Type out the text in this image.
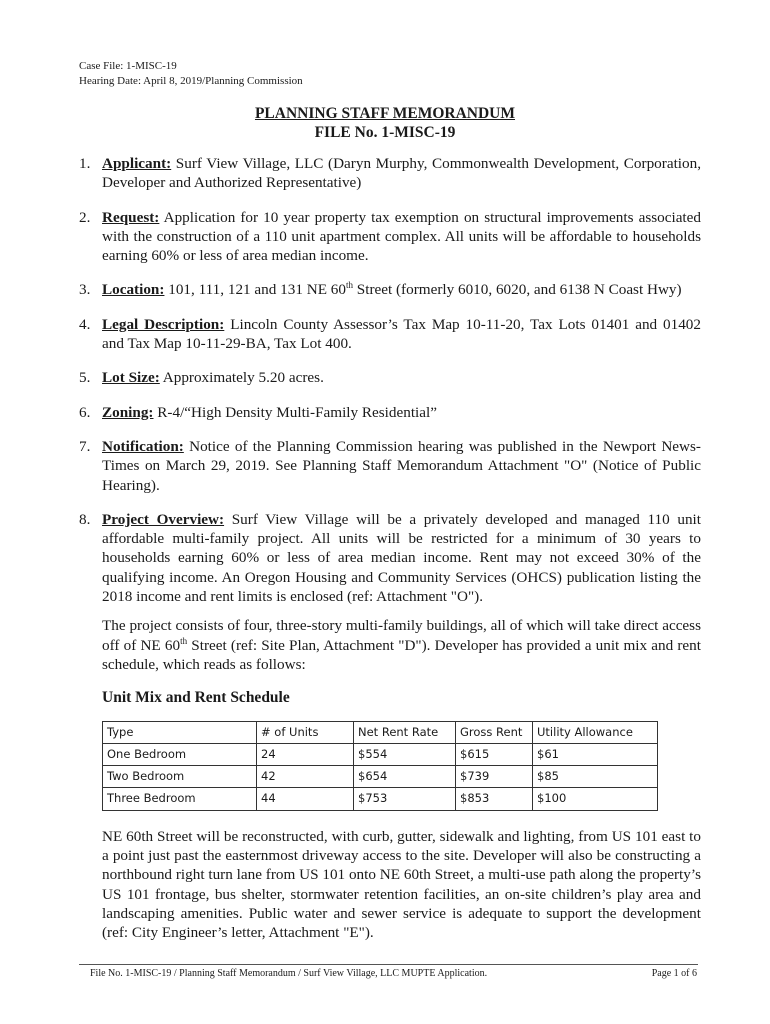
Case File: 1-MISC-19
Hearing Date: April 8, 2019/Planning Commission
PLANNING STAFF MEMORANDUM
FILE No. 1-MISC-19
1. Applicant: Surf View Village, LLC (Daryn Murphy, Commonwealth Development, Corporation, Developer and Authorized Representative)
2. Request: Application for 10 year property tax exemption on structural improvements associated with the construction of a 110 unit apartment complex. All units will be affordable to households earning 60% or less of area median income.
3. Location: 101, 111, 121 and 131 NE 60th Street (formerly 6010, 6020, and 6138 N Coast Hwy)
4. Legal Description: Lincoln County Assessor’s Tax Map 10-11-20, Tax Lots 01401 and 01402 and Tax Map 10-11-29-BA, Tax Lot 400.
5. Lot Size: Approximately 5.20 acres.
6. Zoning: R-4/“High Density Multi-Family Residential”
7. Notification: Notice of the Planning Commission hearing was published in the Newport News-Times on March 29, 2019. See Planning Staff Memorandum Attachment "O" (Notice of Public Hearing).
8. Project Overview: Surf View Village will be a privately developed and managed 110 unit affordable multi-family project. All units will be restricted for a minimum of 30 years to households earning 60% or less of area median income. Rent may not exceed 30% of the qualifying income. An Oregon Housing and Community Services (OHCS) publication listing the 2018 income and rent limits is enclosed (ref: Attachment "O").

The project consists of four, three-story multi-family buildings, all of which will take direct access off of NE 60th Street (ref: Site Plan, Attachment "D"). Developer has provided a unit mix and rent schedule, which reads as follows:

Unit Mix and Rent Schedule
Type	# of Units	Net Rent Rate	Gross Rent	Utility Allowance
One Bedroom	24	$554	$615	$61
Two Bedroom	42	$654	$739	$85
Three Bedroom	44	$753	$853	$100

NE 60th Street will be reconstructed, with curb, gutter, sidewalk and lighting, from US 101 east to a point just past the easternmost driveway access to the site. Developer will also be constructing a northbound right turn lane from US 101 onto NE 60th Street, a multi-use path along the property’s US 101 frontage, bus shelter, stormwater retention facilities, an on-site children’s play area and landscaping amenities. Public water and sewer service is adequate to support the development (ref: City Engineer’s letter, Attachment "E").

File No. 1-MISC-19 / Planning Staff Memorandum / Surf View Village, LLC MUPTE Application.	Page 1 of 6
